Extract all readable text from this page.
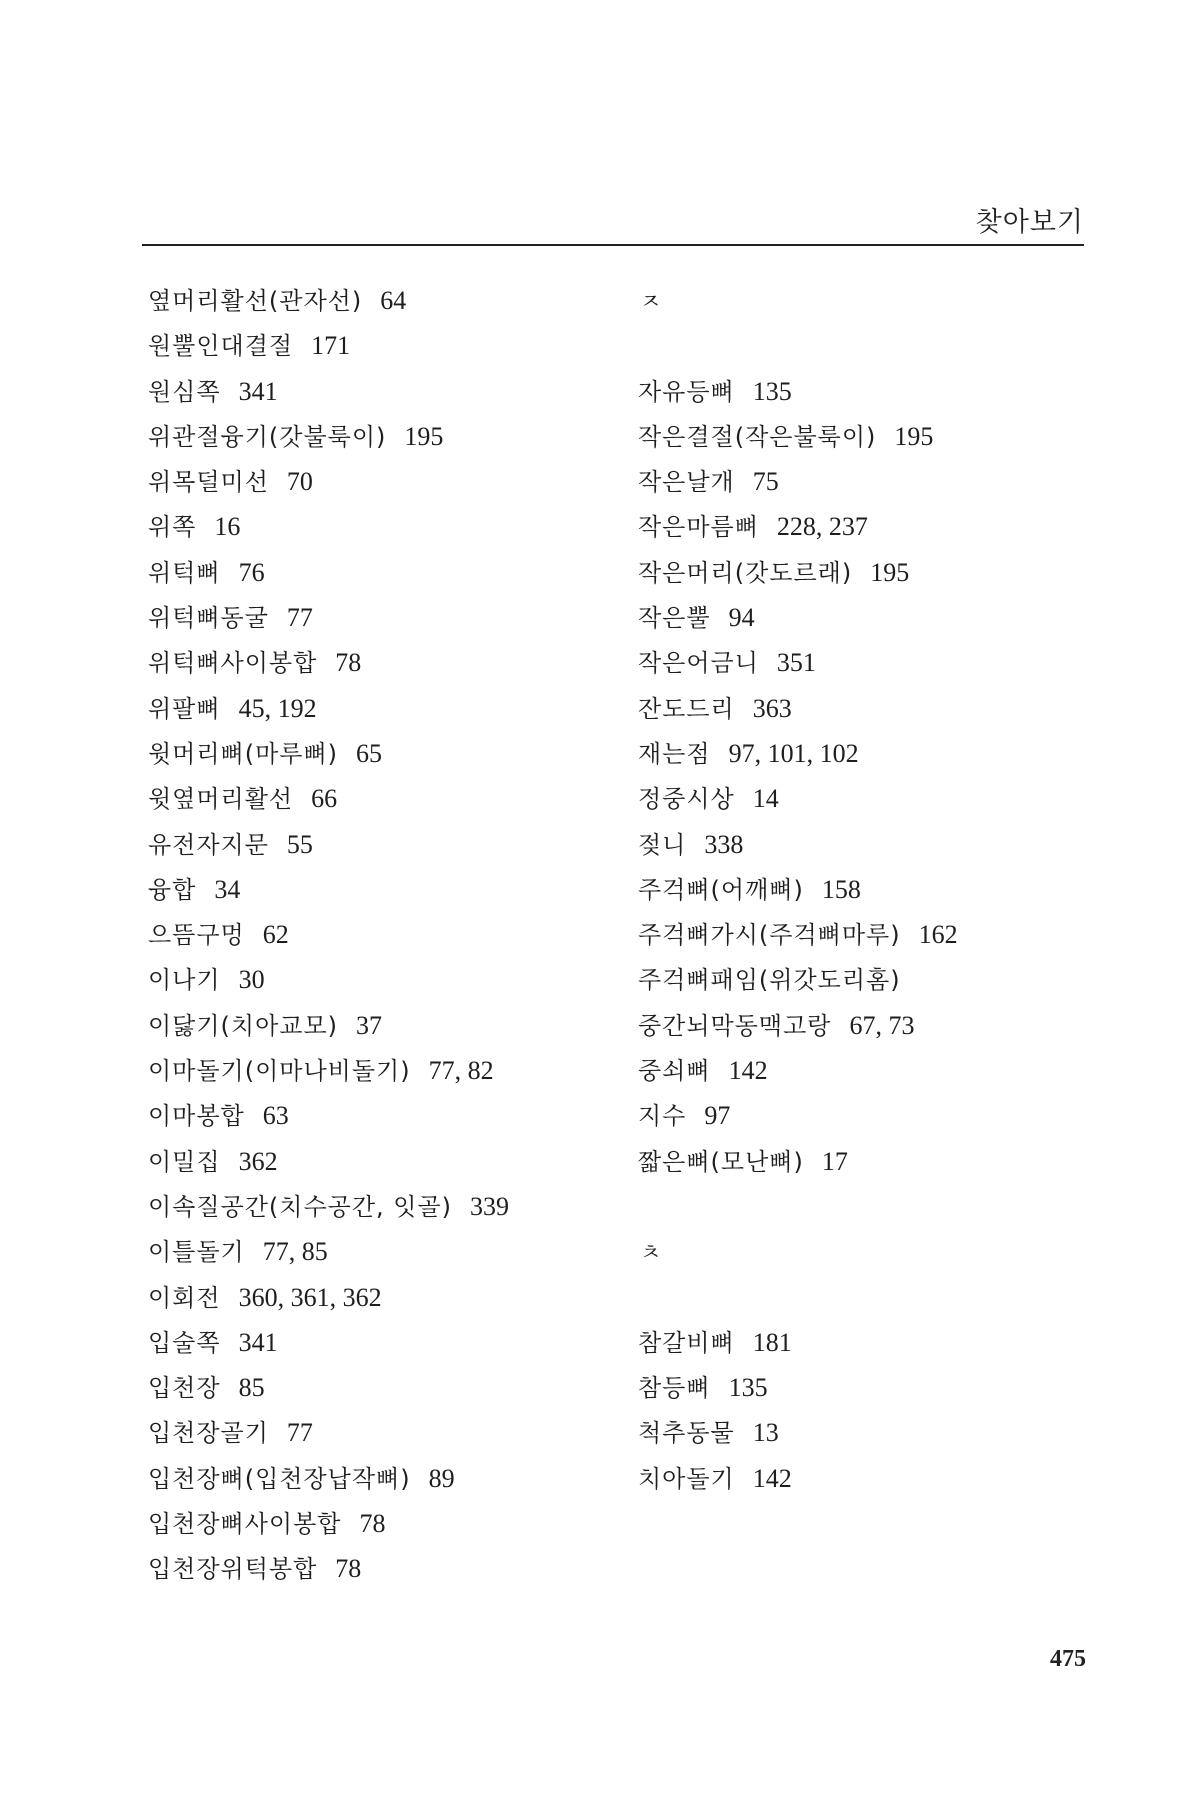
찾아보기
옆머리활선(관자선) 64
원뿔인대결절 171
원심쪽 341
위관절융기(갓불룩이) 195
위목덜미선 70
위쪽 16
위턱뼈 76
위턱뼈동굴 77
위턱뼈사이봉합 78
위팔뼈 45, 192
윗머리뼈(마루뼈) 65
윗옆머리활선 66
유전자지문 55
융합 34
으뜸구멍 62
이나기 30
이닳기(치아교모) 37
이마돌기(이마나비돌기) 77, 82
이마봉합 63
이밀집 362
이속질공간(치수공간, 잇골) 339
이틀돌기 77, 85
이회전 360, 361, 362
입술쪽 341
입천장 85
입천장골기 77
입천장뼈(입천장납작뼈) 89
입천장뼈사이봉합 78
입천장위턱봉합 78
ㅈ
자유등뼈 135
작은결절(작은불룩이) 195
작은날개 75
작은마름뼈 228, 237
작은머리(갓도르래) 195
작은뿔 94
작은어금니 351
잔도드리 363
재는점 97, 101, 102
정중시상 14
젖니 338
주걱뼈(어깨뼈) 158
주걱뼈가시(주걱뼈마루) 162
주걱뼈패임(위갓도리홈)
중간뇌막동맥고랑 67, 73
중쇠뼈 142
지수 97
짧은뼈(모난뼈) 17
ㅊ
참갈비뼈 181
참등뼈 135
척추동물 13
치아돌기 142
475
